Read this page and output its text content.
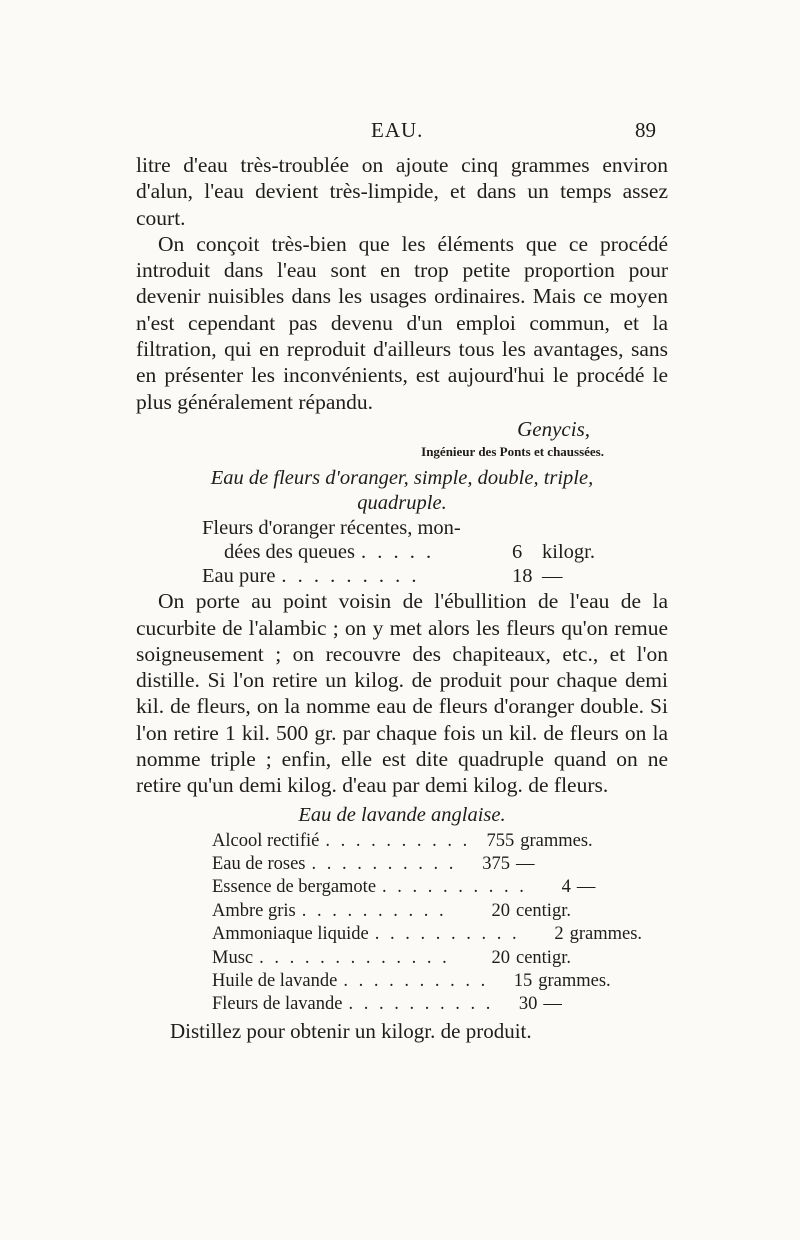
EAU.	89

litre d'eau très-troublée on ajoute cinq grammes environ d'alun, l'eau devient très-limpide, et dans un temps assez court.

On conçoit très-bien que les éléments que ce procédé introduit dans l'eau sont en trop petite proportion pour devenir nuisibles dans les usages ordinaires. Mais ce moyen n'est cependant pas devenu d'un emploi commun, et la filtration, qui en reproduit d'ailleurs tous les avantages, sans en présenter les inconvénients, est aujourd'hui le procédé le plus généralement répandu.

Genycis,
Ingénieur des Ponts et chaussées.
Eau de fleurs d'oranger, simple, double, triple,
quadruple.
Fleurs d'oranger récentes, mon-
dées des queues . . . . .	6 kilogr.
Eau pure . . . . . . . . .	18 —

On porte au point voisin de l'ébullition de l'eau de la cucurbite de l'alambic ; on y met alors les fleurs qu'on remue soigneusement ; on recouvre des chapiteaux, etc., et l'on distille. Si l'on retire un kilog. de produit pour chaque demi kil. de fleurs, on la nomme eau de fleurs d'oranger double. Si l'on retire 1 kil. 500 gr. par chaque fois un kil. de fleurs on la nomme triple ; enfin, elle est dite quadruple quand on ne retire qu'un demi kilog. d'eau par demi kilog. de fleurs.

Eau de lavande anglaise.
Alcool rectifié . . . . . . . . . . 755 grammes.
Eau de roses . . . . . . . . . .	375 —
Essence de bergamote . . . . . . . . . .	4 —
Ambre gris . . . . . . . . . .	20 centigr.
Ammoniaque liquide . . . . . . . . . .	2 grammes.
Musc . . . . . . . . . . . . .	20 centigr.
Huile de lavande . . . . . . . . . .	15 grammes.
Fleurs de lavande . . . . . . . . . .	30 —
Distillez pour obtenir un kilogr. de produit.
